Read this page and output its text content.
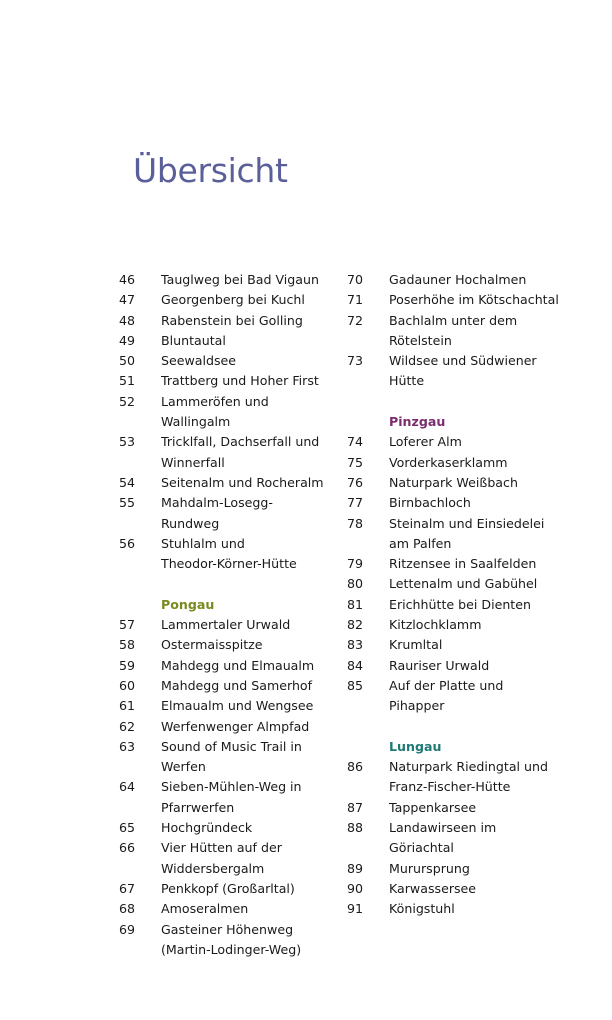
Übersicht
46	Tauglweg bei Bad Vigaun
47	Georgenberg bei Kuchl
48	Rabenstein bei Golling
49	Bluntautal
50	Seewaldsee
51	Trattberg und Hoher First
52	Lammeröfen und
Wallingalm
53	Tricklfall, Dachserfall und
Winnerfall
54	Seitenalm und Rocheralm
55	Mahdalm-Losegg-
Rundweg
56	Stuhlalm und
Theodor-Körner-Hütte
Pongau
57	Lammertaler Urwald
58	Ostermaisspitze
59	Mahdegg und Elmaualm
60	Mahdegg und Samerhof
61	Elmaualm und Wengsee
62	Werfenwenger Almpfad
63	Sound of Music Trail in
Werfen
64	Sieben-Mühlen-Weg in
Pfarrwerfen
65	Hochgründeck
66	Vier Hütten auf der
Widdersbergalm
67	Penkkopf (Großarltal)
68	Amoseralmen
69	Gasteiner Höhenweg
(Martin-Lodinger-Weg)
70	Gadauner Hochalmen
71	Poserhöhe im Kötschachtal
72	Bachlalm unter dem
Rötelstein
73	Wildsee und Südwiener
Hütte
Pinzgau
74	Loferer Alm
75	Vorderkaserklamm
76	Naturpark Weißbach
77	Birnbachloch
78	Steinalm und Einsiedelei
am Palfen
79	Ritzensee in Saalfelden
80	Lettenalm und Gabühel
81	Erichhütte bei Dienten
82	Kitzlochklamm
83	Krumltal
84	Rauriser Urwald
85	Auf der Platte und
Pihapper
Lungau
86	Naturpark Riedingtal und
Franz-Fischer-Hütte
87	Tappenkarsee
88	Landawirseen im
Göriachtal
89	Murursprung
90	Karwassersee
91	Königstuhl
